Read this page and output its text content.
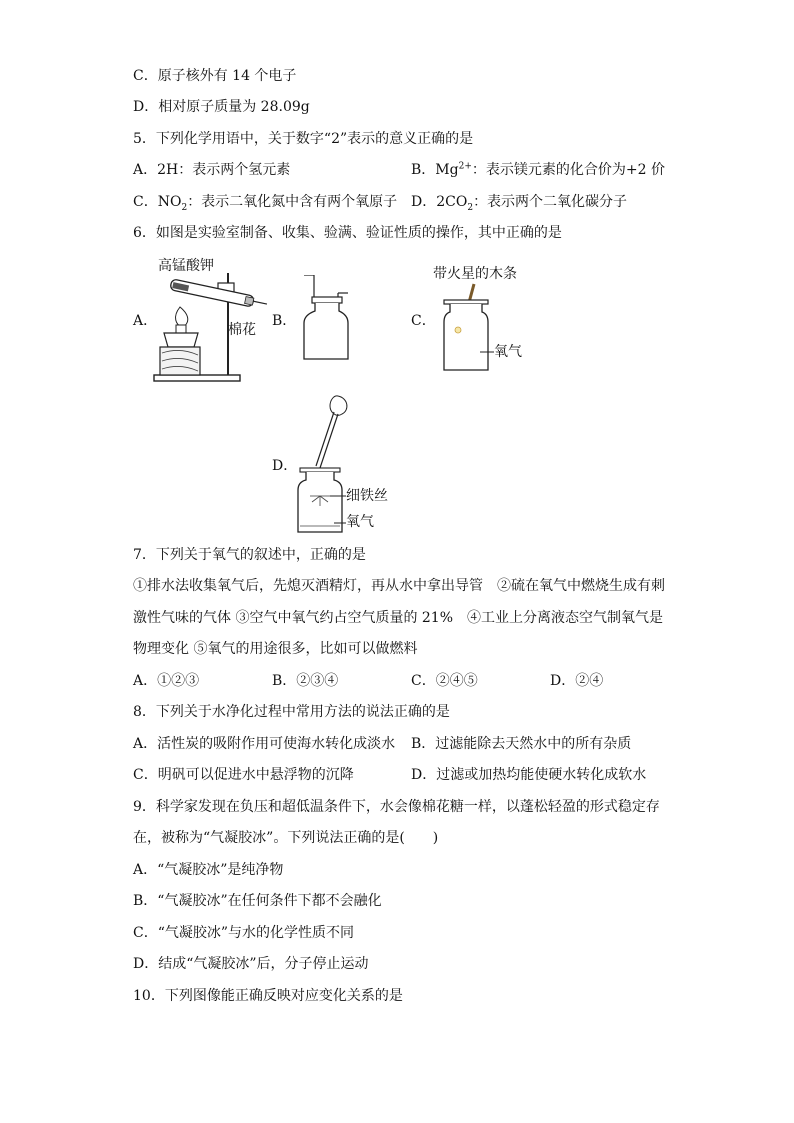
C．原子核外有 14 个电子
D．相对原子质量为 28.09g
5．下列化学用语中，关于数字“2”表示的意义正确的是
A．2H：表示两个氢元素	B．$Mg^{2+}$：表示镁元素的化合价为+2 价
C．$NO_2$：表示二氧化氮中含有两个氧原子 D．$2CO_2$：表示两个二氧化碳分子
6．如图是实验室制备、收集、验满、验证性质的操作，其中正确的是
A．	B．	C．
D．
高锰酸钾
棉花
带火星的木条
氧气
细铁丝
氧气
7．下列关于氧气的叙述中，正确的是
①排水法收集氧气后，先熄灭酒精灯，再从水中拿出导管　②硫在氧气中燃烧生成有刺
激性气味的气体 ③空气中氧气约占空气质量的 21%　④工业上分离液态空气制氧气是
物理变化 ⑤氧气的用途很多，比如可以做燃料
A．①②③	B．②③④	C．②④⑤	D．②④
8．下列关于水净化过程中常用方法的说法正确的是
A．活性炭的吸附作用可使海水转化成淡水 B．过滤能除去天然水中的所有杂质
C．明矾可以促进水中悬浮物的沉降	D．过滤或加热均能使硬水转化成软水
9．科学家发现在负压和超低温条件下，水会像棉花糖一样，以蓬松轻盈的形式稳定存
在，被称为“气凝胶冰”。下列说法正确的是(　　)
A．“气凝胶冰”是纯净物
B．“气凝胶冰”在任何条件下都不会融化
C．“气凝胶冰”与水的化学性质不同
D．结成“气凝胶冰”后，分子停止运动
10．下列图像能正确反映对应变化关系的是
